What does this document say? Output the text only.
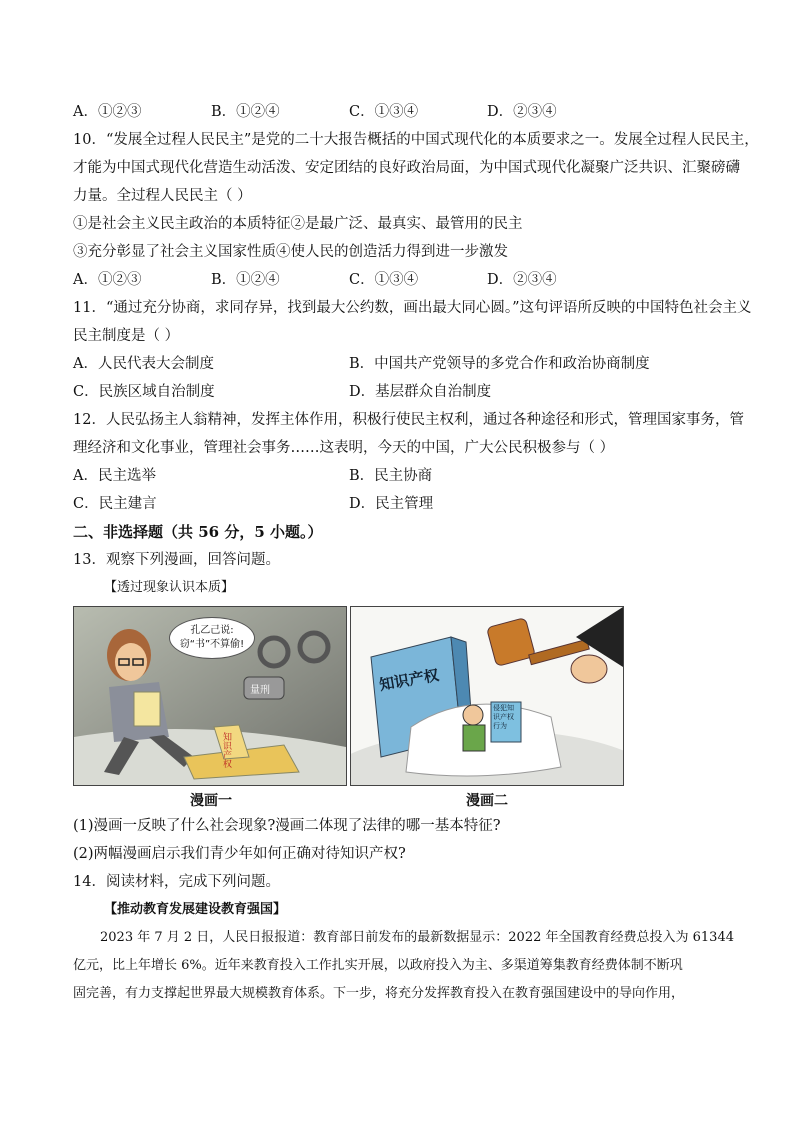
A．①②③	B．①②④	C．①③④	D．②③④
10．“发展全过程人民民主”是党的二十大报告概括的中国式现代化的本质要求之一。发展全过程人民民主，
才能为中国式现代化营造生动活泼、安定团结的良好政治局面，为中国式现代化凝聚广泛共识、汇聚磅礴
力量。全过程人民民主（ ）
①是社会主义民主政治的本质特征②是最广泛、最真实、最管用的民主
③充分彰显了社会主义国家性质④使人民的创造活力得到进一步激发
A．①②③	B．①②④	C．①③④	D．②③④
11．“通过充分协商，求同存异，找到最大公约数，画出最大同心圆。”这句评语所反映的中国特色社会主义
民主制度是（ ）
A．人民代表大会制度	B．中国共产党领导的多党合作和政治协商制度
C．民族区域自治制度	D．基层群众自治制度
12．人民弘扬主人翁精神，发挥主体作用，积极行使民主权利，通过各种途径和形式，管理国家事务，管
理经济和文化事业，管理社会事务……这表明，今天的中国，广大公民积极参与（ ）
A．民主选举	B．民主协商
C．民主建言	D．民主管理
二、非选择题（共 56 分，5 小题。）
13．观察下列漫画，回答问题。
【透过现象认识本质】
孔乙己说:
窃“书”不算偷!
量刑
知识产权
知识产权
侵犯知识产权行为
漫画一	漫画二
(1)漫画一反映了什么社会现象?漫画二体现了法律的哪一基本特征?
(2)两幅漫画启示我们青少年如何正确对待知识产权?
14．阅读材料，完成下列问题。
【推动教育发展建设教育强国】
2023 年 7 月 2 日，人民日报报道：教育部日前发布的最新数据显示：2022 年全国教育经费总投入为 61344
亿元，比上年增长 6%。近年来教育投入工作扎实开展，以政府投入为主、多渠道筹集教育经费体制不断巩
固完善，有力支撑起世界最大规模教育体系。下一步，将充分发挥教育投入在教育强国建设中的导向作用，
